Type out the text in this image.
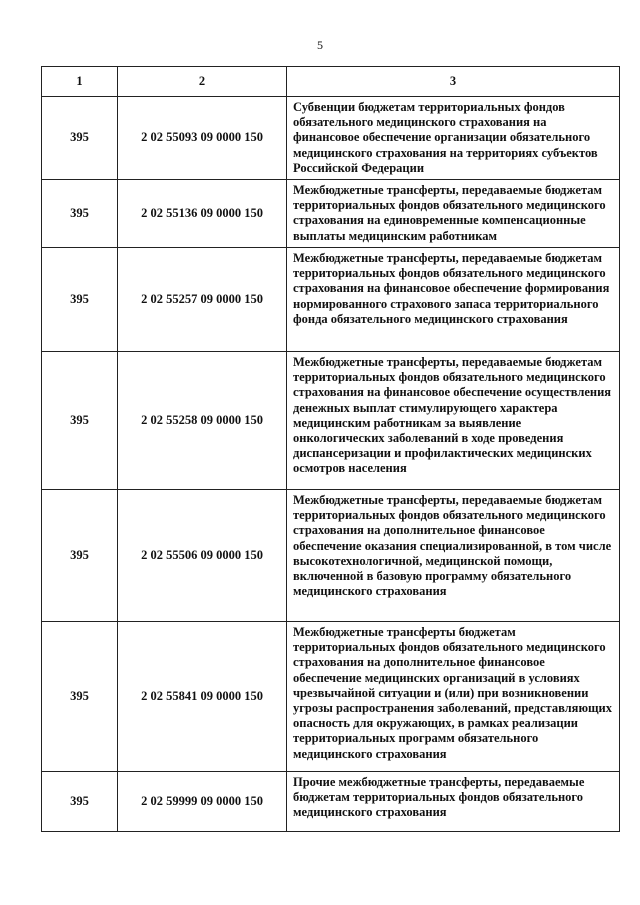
5
1	2	3
395	2 02 55093 09 0000 150	Субвенции бюджетам территориальных фондов обязательного медицинского страхования на финансовое обеспечение организации обязательного медицинского страхования на территориях субъектов Российской Федерации
395	2 02 55136 09 0000 150	Межбюджетные трансферты, передаваемые бюджетам территориальных фондов обязательного медицинского страхования на единовременные компенсационные выплаты медицинским работникам
395	2 02 55257 09 0000 150	Межбюджетные трансферты, передаваемые бюджетам территориальных фондов обязательного медицинского страхования на финансовое обеспечение формирования нормированного страхового запаса территориального фонда обязательного медицинского страхования
395	2 02 55258 09 0000 150	Межбюджетные трансферты, передаваемые бюджетам территориальных фондов обязательного медицинского страхования на финансовое обеспечение осуществления денежных выплат стимулирующего характера медицинским работникам за выявление онкологических заболеваний в ходе проведения диспансеризации и профилактических медицинских осмотров населения
395	2 02 55506 09 0000 150	Межбюджетные трансферты, передаваемые бюджетам территориальных фондов обязательного медицинского страхования на дополнительное финансовое обеспечение оказания специализированной, в том числе высокотехнологичной, медицинской помощи, включенной в базовую программу обязательного медицинского страхования
395	2 02 55841 09 0000 150	Межбюджетные трансферты бюджетам территориальных фондов обязательного медицинского страхования на дополнительное финансовое обеспечение медицинских организаций в условиях чрезвычайной ситуации и (или) при возникновении угрозы распространения заболеваний, представляющих опасность для окружающих, в рамках реализации территориальных программ обязательного медицинского страхования
395	2 02 59999 09 0000 150	Прочие межбюджетные трансферты, передаваемые бюджетам территориальных фондов обязательного медицинского страхования
